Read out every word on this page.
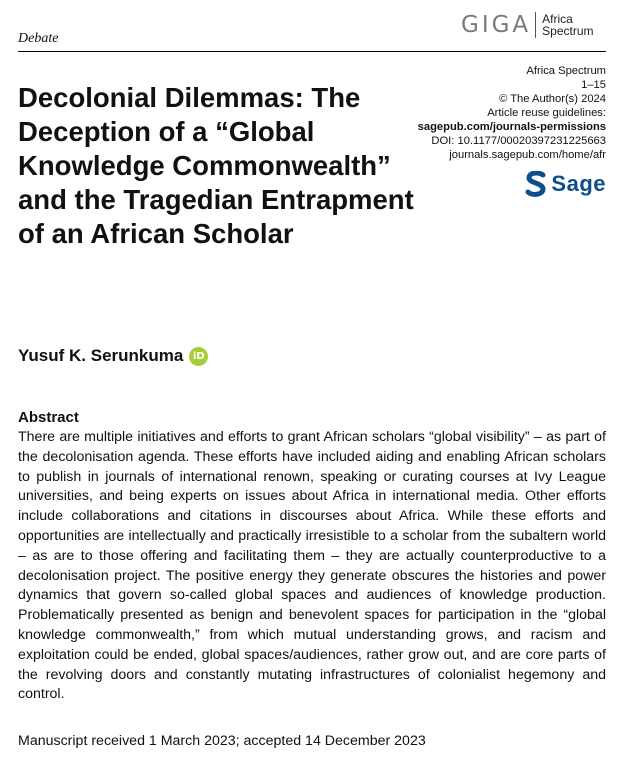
GIGA Africa
Spectrum
Debate
Decolonial Dilemmas: The Deception of a “Global Knowledge Commonwealth” and the Tragedian Entrapment of an African Scholar
Africa Spectrum
1–15
© The Author(s) 2024
Article reuse guidelines:
sagepub.com/journals-permissions
DOI: 10.1177/00020397231225663
journals.sagepub.com/home/afr
Sage
Yusuf K. Serunkuma iD
Abstract

There are multiple initiatives and efforts to grant African scholars “global visibility” – as part of the decolonisation agenda. These efforts have included aiding and enabling African scholars to publish in journals of international renown, speaking or curating courses at Ivy League universities, and being experts on issues about Africa in international media. Other efforts include collaborations and citations in discourses about Africa. While these efforts and opportunities are intellectually and practically irresistible to a scholar from the subaltern world – as are to those offering and facilitating them – they are actually counterproductive to a decolonisation project. The positive energy they generate obscures the histories and power dynamics that govern so-called global spaces and audiences of knowledge production. Problematically presented as benign and benevolent spaces for participation in the “global knowledge commonwealth,” from which mutual understanding grows, and racism and exploitation could be ended, global spaces/audiences, rather grow out, and are core parts of the revolving doors and constantly mutating infrastructures of colonialist hegemony and control.

Manuscript received 1 March 2023; accepted 14 December 2023
